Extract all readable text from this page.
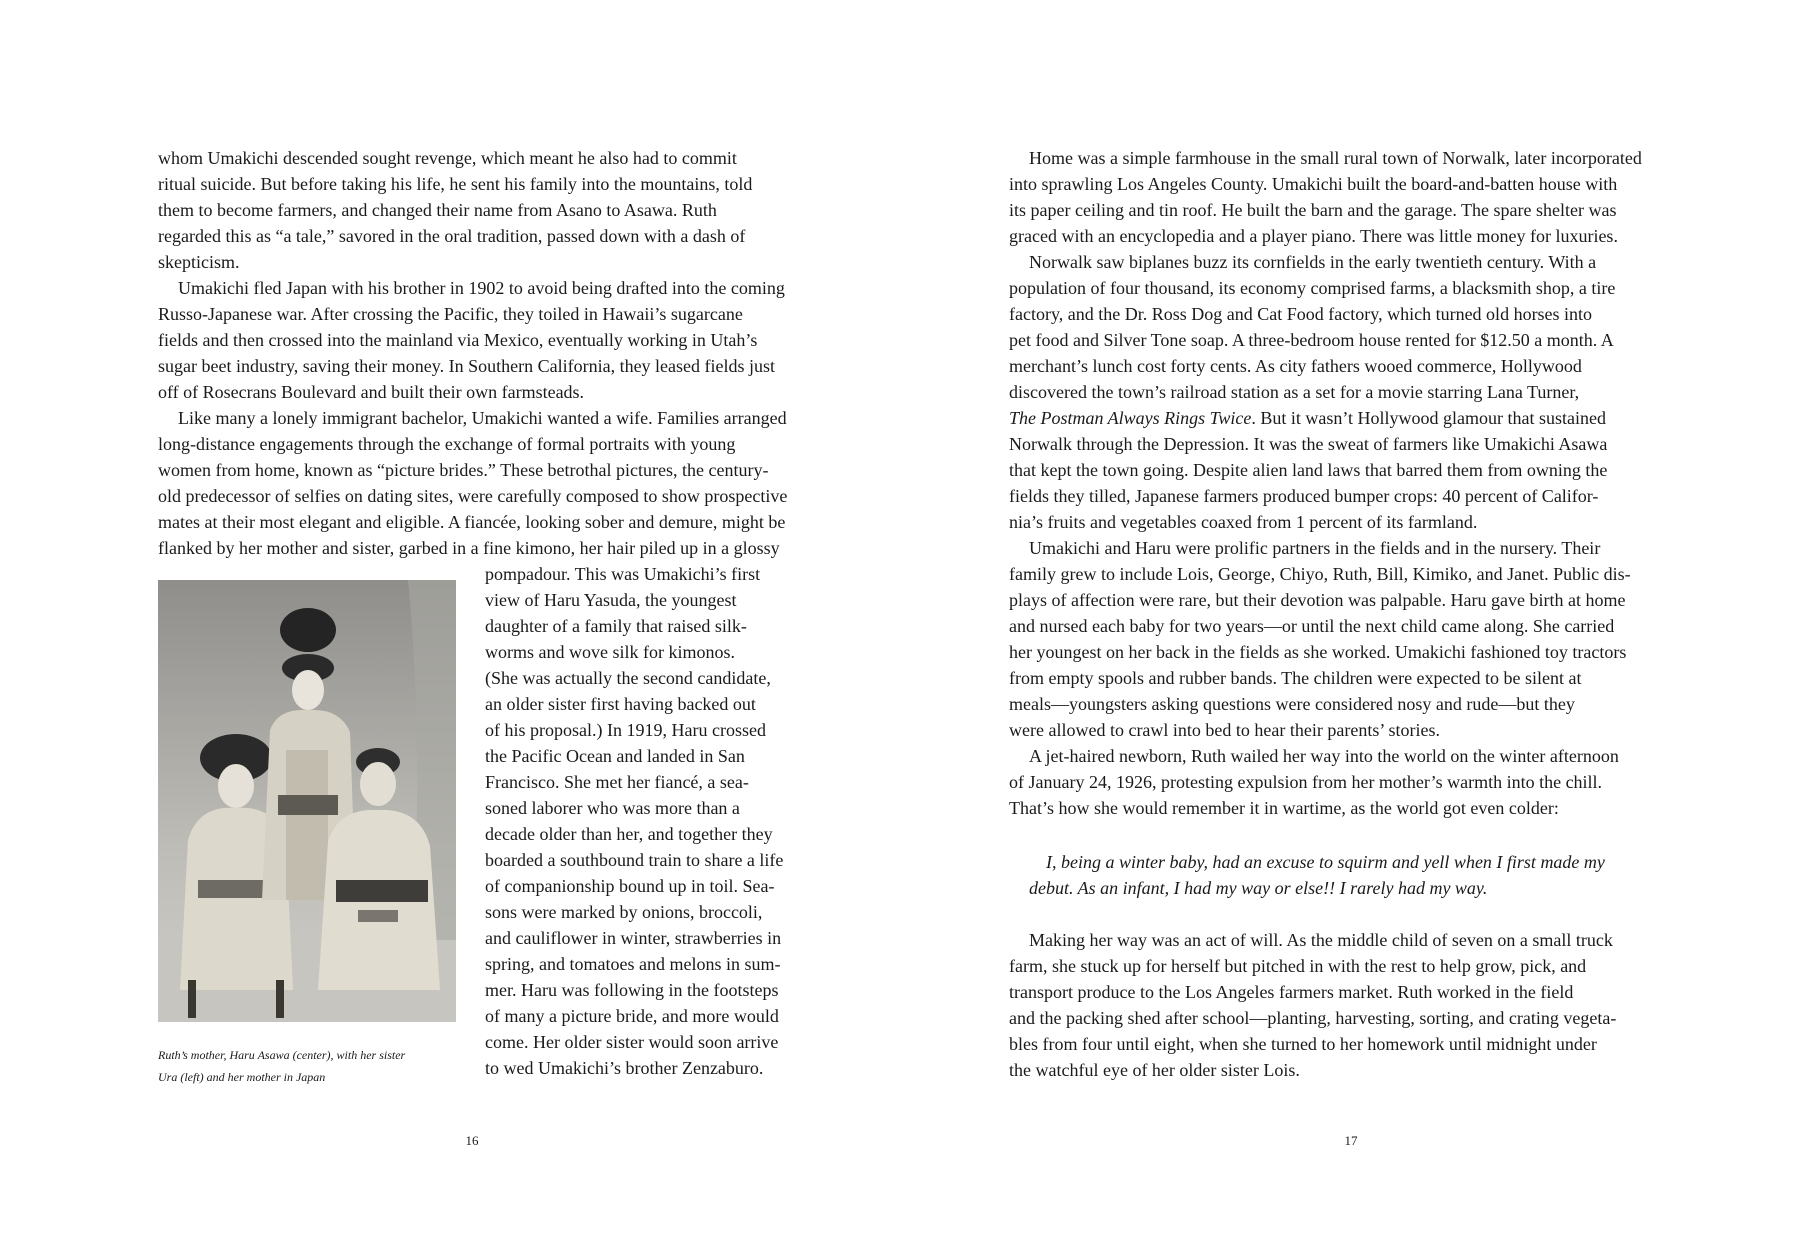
whom Umakichi descended sought revenge, which meant he also had to commit
ritual suicide. But before taking his life, he sent his family into the mountains, told
them to become farmers, and changed their name from Asano to Asawa. Ruth
regarded this as “a tale,” savored in the oral tradition, passed down with a dash of
skepticism.
Umakichi fled Japan with his brother in 1902 to avoid being drafted into the coming
Russo-Japanese war. After crossing the Pacific, they toiled in Hawaii’s sugarcane
fields and then crossed into the mainland via Mexico, eventually working in Utah’s
sugar beet industry, saving their money. In Southern California, they leased fields just
off of Rosecrans Boulevard and built their own farmsteads.
Like many a lonely immigrant bachelor, Umakichi wanted a wife. Families arranged
long-distance engagements through the exchange of formal portraits with young
women from home, known as “picture brides.” These betrothal pictures, the century-
old predecessor of selfies on dating sites, were carefully composed to show prospective
mates at their most elegant and eligible. A fiancée, looking sober and demure, might be
flanked by her mother and sister, garbed in a fine kimono, her hair piled up in a glossy
pompadour. This was Umakichi’s first
view of Haru Yasuda, the youngest
daughter of a family that raised silk-
worms and wove silk for kimonos.
(She was actually the second candidate,
an older sister first having backed out
of his proposal.) In 1919, Haru crossed
the Pacific Ocean and landed in San
Francisco. She met her fiancé, a sea-
soned laborer who was more than a
decade older than her, and together they
boarded a southbound train to share a life
of companionship bound up in toil. Sea-
sons were marked by onions, broccoli,
and cauliflower in winter, strawberries in
spring, and tomatoes and melons in sum-
mer. Haru was following in the footsteps
of many a picture bride, and more would
come. Her older sister would soon arrive
to wed Umakichi’s brother Zenzaburo.
Ruth’s mother, Haru Asawa (center), with her sister
Ura (left) and her mother in Japan
16
Home was a simple farmhouse in the small rural town of Norwalk, later incorporated
into sprawling Los Angeles County. Umakichi built the board-and-batten house with
its paper ceiling and tin roof. He built the barn and the garage. The spare shelter was
graced with an encyclopedia and a player piano. There was little money for luxuries.
Norwalk saw biplanes buzz its cornfields in the early twentieth century. With a
population of four thousand, its economy comprised farms, a blacksmith shop, a tire
factory, and the Dr. Ross Dog and Cat Food factory, which turned old horses into
pet food and Silver Tone soap. A three-bedroom house rented for $12.50 a month. A
merchant’s lunch cost forty cents. As city fathers wooed commerce, Hollywood
discovered the town’s railroad station as a set for a movie starring Lana Turner,
The Postman Always Rings Twice. But it wasn’t Hollywood glamour that sustained
Norwalk through the Depression. It was the sweat of farmers like Umakichi Asawa
that kept the town going. Despite alien land laws that barred them from owning the
fields they tilled, Japanese farmers produced bumper crops: 40 percent of Califor-
nia’s fruits and vegetables coaxed from 1 percent of its farmland.
Umakichi and Haru were prolific partners in the fields and in the nursery. Their
family grew to include Lois, George, Chiyo, Ruth, Bill, Kimiko, and Janet. Public dis-
plays of affection were rare, but their devotion was palpable. Haru gave birth at home
and nursed each baby for two years—or until the next child came along. She carried
her youngest on her back in the fields as she worked. Umakichi fashioned toy tractors
from empty spools and rubber bands. The children were expected to be silent at
meals—youngsters asking questions were considered nosy and rude—but they
were allowed to crawl into bed to hear their parents’ stories.
A jet-haired newborn, Ruth wailed her way into the world on the winter afternoon
of January 24, 1926, protesting expulsion from her mother’s warmth into the chill.
That’s how she would remember it in wartime, as the world got even colder:
I, being a winter baby, had an excuse to squirm and yell when I first made my
debut. As an infant, I had my way or else!! I rarely had my way.
Making her way was an act of will. As the middle child of seven on a small truck
farm, she stuck up for herself but pitched in with the rest to help grow, pick, and
transport produce to the Los Angeles farmers market. Ruth worked in the field
and the packing shed after school—planting, harvesting, sorting, and crating vegeta-
bles from four until eight, when she turned to her homework until midnight under
the watchful eye of her older sister Lois.
17
